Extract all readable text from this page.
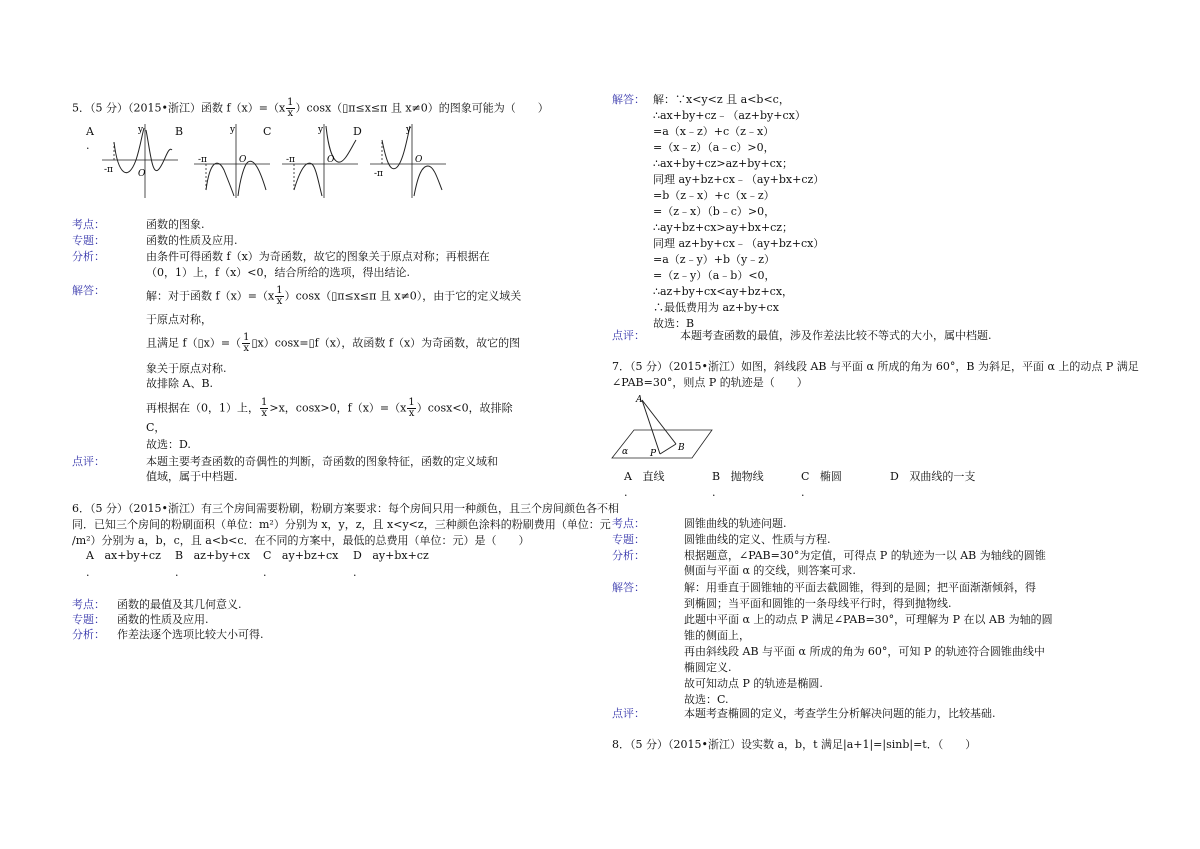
5．（5 分）（2015•浙江）函数 $f(x)=(x \frac{1}{x}$ ）cosx（▯π≤x≤π 且 x≠0）的图象可能为（　　）
A
.
B	C	D
y
O
-π
y
O
-π
y
O
-π
y
O
-π
考点：	函数的图象.
专题：	函数的性质及应用.
分析：	由条件可得函数 f（x）为奇函数，故它的图象关于原点对称；再根据在
（0，1）上，f（x）<0，结合所给的选项，得出结论.
解答：	解：对于函数 $f(x)=(x \frac{1}{x}$ ）cosx（▯π≤x≤π 且 x≠0），由于它的定义域关
于原点对称，
且满足 f（▯x）=（ $\frac{1}{x}$ ▯x）cosx=▯f（x），故函数 f（x）为奇函数，故它的图
象关于原点对称.
故排除 A、B.
再根据在（0，1）上， $\frac{1}{x} >x$，cosx>0，$f(x)=(x \frac{1}{x} )\cos x<0$，故排除
C，
故选：D.
点评：	本题主要考查函数的奇偶性的判断，奇函数的图象特征，函数的定义域和
值域，属于中档题.
6．（5 分）（2015•浙江）有三个房间需要粉刷，粉刷方案要求：每个房间只用一种颜色，且三个房间颜色各不相
同．已知三个房间的粉刷面积（单位：m²）分别为 x，y，z，且 x<y<z，三种颜色涂料的粉刷费用（单位：元
/m²）分别为 a，b，c，且 a<b<c．在不同的方案中，最低的总费用（单位：元）是（　　）
A ax+by+cz B az+by+cx C ay+bz+cx D ay+bx+cz
.	.	.	.
考点： 函数的最值及其几何意义.
专题： 函数的性质及应用.
分析： 作差法逐个选项比较大小可得.
解答： 解：∵x<y<z 且 a<b<c，
∴ax+by+cz﹣（az+by+cx）
=a（x﹣z）+c（z﹣x）
=（x﹣z）（a﹣c）>0，
∴ax+by+cz>az+by+cx；
同理 ay+bz+cx﹣（ay+bx+cz）
=b（z﹣x）+c（x﹣z）
=（z﹣x）（b﹣c）>0，
∴ay+bz+cx>ay+bx+cz；
同理 az+by+cx﹣（ay+bz+cx）
=a（z﹣y）+b（y﹣z）
=（z﹣y）（a﹣b）<0，
∴az+by+cx<ay+bz+cx，
∴最低费用为 az+by+cx
故选：B
点评：	本题考查函数的最值，涉及作差法比较不等式的大小，属中档题.
7．（5 分）（2015•浙江）如图，斜线段 AB 与平面 α 所成的角为 60°，B 为斜足，平面 α 上的动点 P 满足
∠PAB=30°，则点 P 的轨迹是（　　）
A
B
P
α
A 直线
.
B 抛物线
.
C 椭圆
.
D 双曲线的一支
考点：	圆锥曲线的轨迹问题.
专题：	圆锥曲线的定义、性质与方程.
分析：	根据题意，∠PAB=30°为定值，可得点 P 的轨迹为一以 AB 为轴线的圆锥
侧面与平面 α 的交线，则答案可求.
解答：	解：用垂直于圆锥轴的平面去截圆锥，得到的是圆；把平面渐渐倾斜，得
到椭圆；当平面和圆锥的一条母线平行时，得到抛物线.
此题中平面 α 上的动点 P 满足∠PAB=30°，可理解为 P 在以 AB 为轴的圆
锥的侧面上，
再由斜线段 AB 与平面 α 所成的角为 60°，可知 P 的轨迹符合圆锥曲线中
椭圆定义.
故可知动点 P 的轨迹是椭圆.
故选：C.
点评：	本题考查椭圆的定义，考查学生分析解决问题的能力，比较基础.
8．（5 分）（2015•浙江）设实数 a，b，t 满足|a+1|=|sinb|=t．（　　）
